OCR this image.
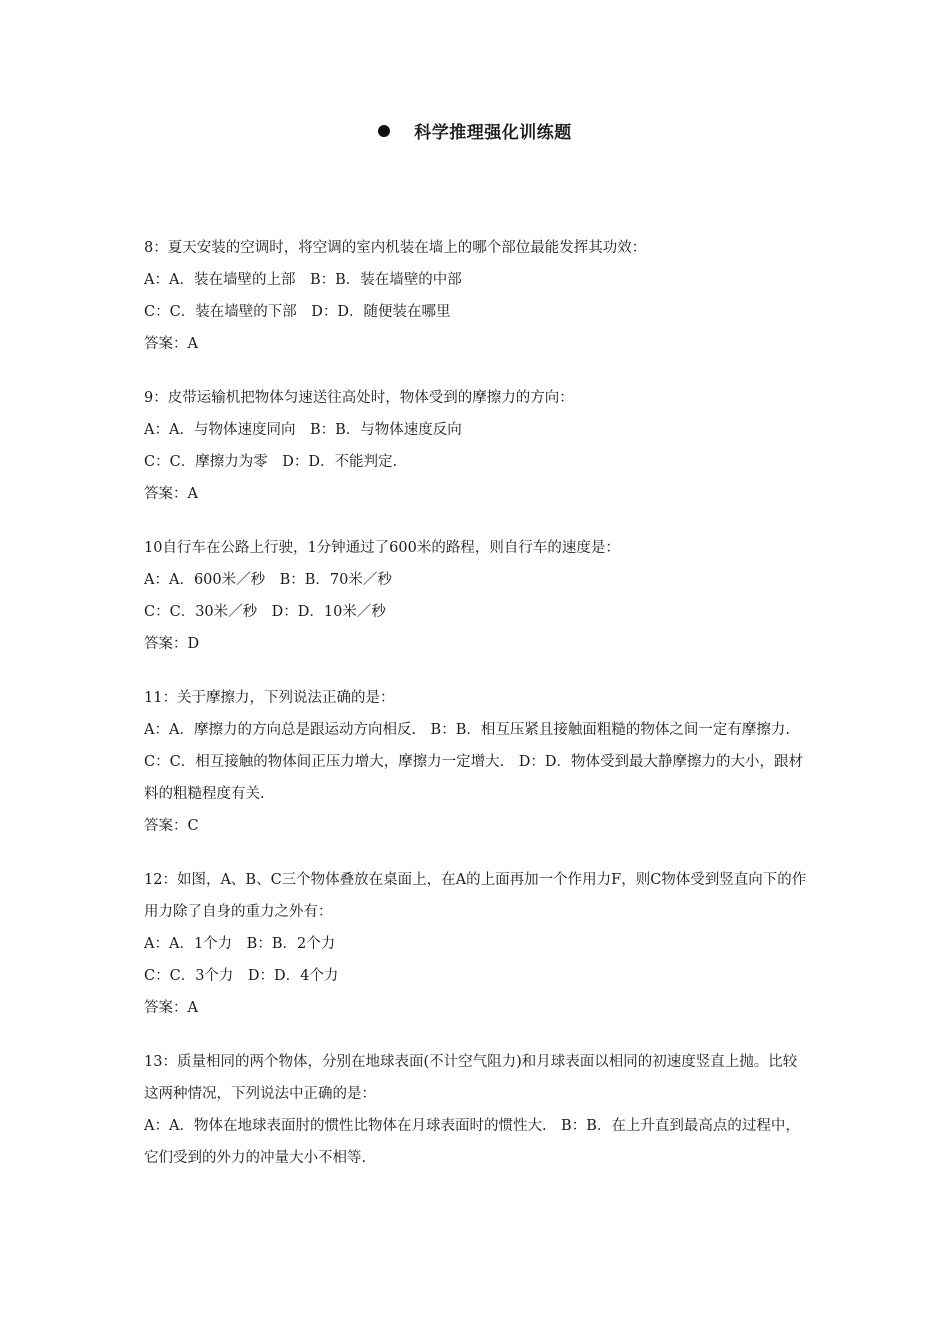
科学推理强化训练题
8：夏天安装的空调时，将空调的室内机装在墙上的哪个部位最能发挥其功效：
A：A．装在墙壁的上部　B：B．装在墙壁的中部
C：C．装在墙壁的下部　D：D．随便装在哪里
答案：A
9：皮带运输机把物体匀速送往高处时，物体受到的摩擦力的方向：
A：A．与物体速度同向　B：B．与物体速度反向
C：C．摩擦力为零　D：D．不能判定.
答案：A
10自行车在公路上行驶，1分钟通过了600米的路程，则自行车的速度是：
A：A．600米／秒　B：B．70米／秒
C：C．30米／秒　D：D．10米／秒
答案：D
11：关于摩擦力，下列说法正确的是：
A：A．摩擦力的方向总是跟运动方向相反.　B：B．相互压紧且接触面粗糙的物体之间一定有摩擦力.
C：C．相互接触的物体间正压力增大，摩擦力一定增大.　D：D．物体受到最大静摩擦力的大小，跟材料的粗糙程度有关.
答案：C
12：如图，A、B、C三个物体叠放在桌面上，在A的上面再加一个作用力F，则C物体受到竖直向下的作用力除了自身的重力之外有：
A：A．1个力　B：B．2个力
C：C．3个力　D：D．4个力
答案：A
13：质量相同的两个物体，分别在地球表面(不计空气阻力)和月球表面以相同的初速度竖直上抛。比较这两种情况，下列说法中正确的是：
A：A．物体在地球表面肘的惯性比物体在月球表面时的惯性大.　B：B．在上升直到最高点的过程中，它们受到的外力的冲量大小不相等.
